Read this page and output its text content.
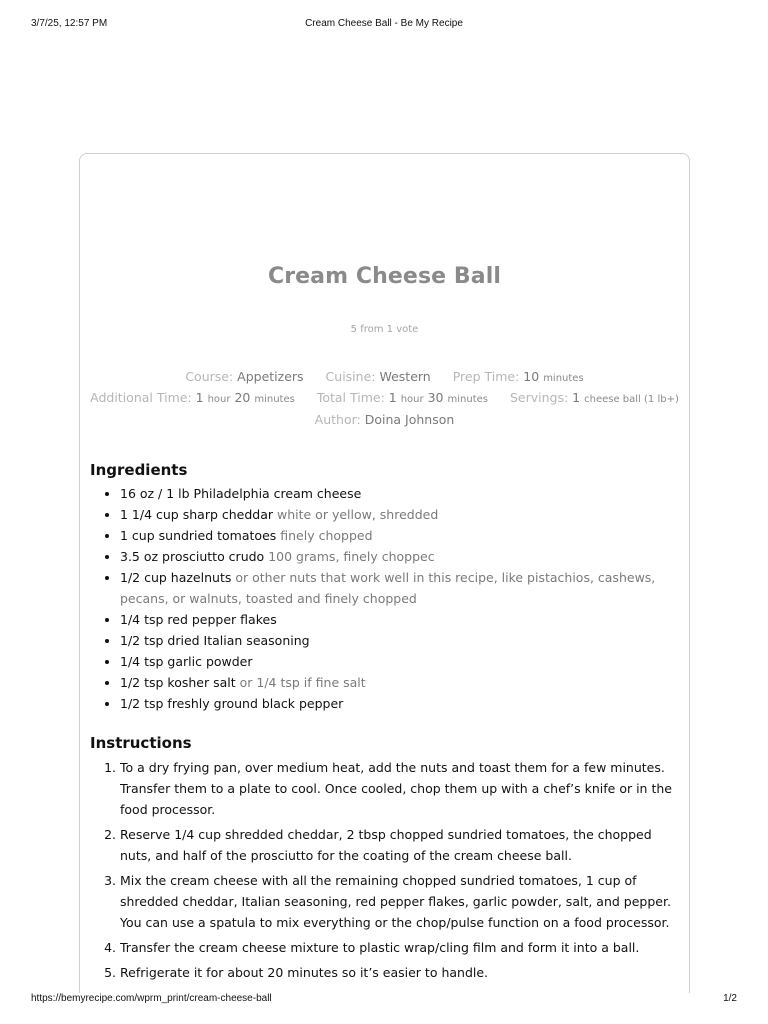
3/7/25, 12:57 PM	Cream Cheese Ball - Be My Recipe
Cream Cheese Ball
5 from 1 vote
Course: Appetizers Cuisine: Western Prep Time: 10 minutes
Additional Time: 1 hour 20 minutes Total Time: 1 hour 30 minutes Servings: 1 cheese ball (1 lb+)
Author: Doina Johnson
Ingredients
• 16 oz / 1 lb Philadelphia cream cheese
• 1 1/4 cup sharp cheddar white or yellow, shredded
• 1 cup sundried tomatoes finely chopped
• 3.5 oz prosciutto crudo 100 grams, finely choppec
• 1/2 cup hazelnuts or other nuts that work well in this recipe, like pistachios, cashews, pecans, or walnuts, toasted and finely chopped
• 1/4 tsp red pepper flakes
• 1/2 tsp dried Italian seasoning
• 1/4 tsp garlic powder
• 1/2 tsp kosher salt or 1/4 tsp if fine salt
• 1/2 tsp freshly ground black pepper
Instructions
1. To a dry frying pan, over medium heat, add the nuts and toast them for a few minutes. Transfer them to a plate to cool. Once cooled, chop them up with a chef’s knife or in the food processor.
2. Reserve 1/4 cup shredded cheddar, 2 tbsp chopped sundried tomatoes, the chopped nuts, and half of the prosciutto for the coating of the cream cheese ball.
3. Mix the cream cheese with all the remaining chopped sundried tomatoes, 1 cup of shredded cheddar, Italian seasoning, red pepper flakes, garlic powder, salt, and pepper. You can use a spatula to mix everything or the chop/pulse function on a food processor.
4. Transfer the cream cheese mixture to plastic wrap/cling film and form it into a ball.
5. Refrigerate it for about 20 minutes so it’s easier to handle.
https://bemyrecipe.com/wprm_print/cream-cheese-ball	1/2
